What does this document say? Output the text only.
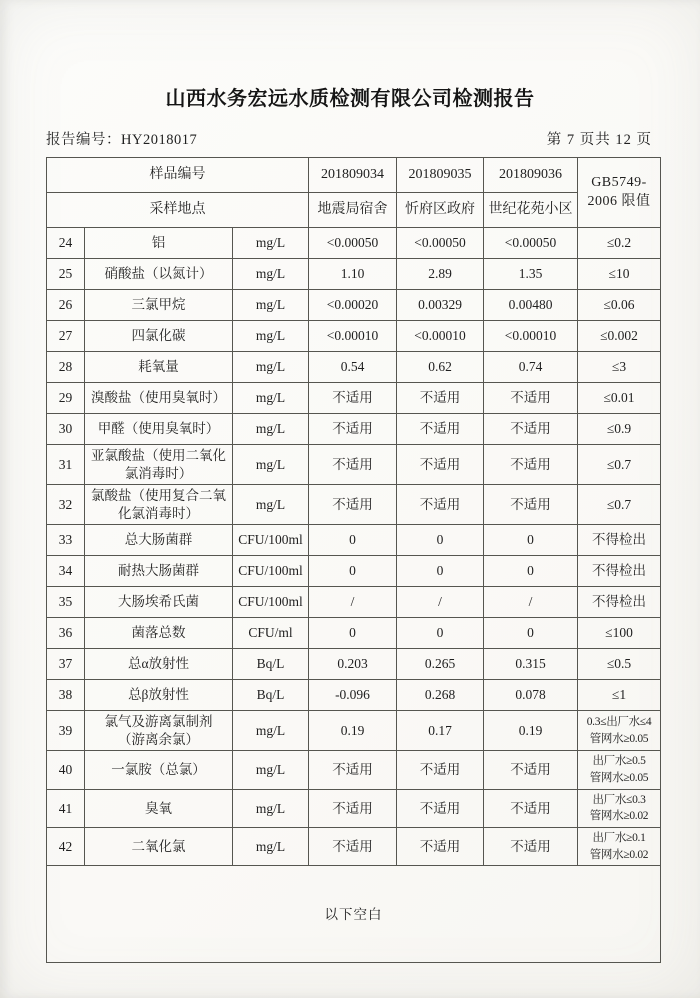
山西水务宏远水质检测有限公司检测报告
报告编号：HY2018017	第 7 页共 12 页
样品编号			201809034	201809035	201809036	GB5749-
2006 限值
采样地点			地震局宿舍	忻府区政府	世纪花苑小区	
24	铝	mg/L	<0.00050	<0.00050	<0.00050	≤0.2
25	硝酸盐（以氮计）	mg/L	1.10	2.89	1.35	≤10
26	三氯甲烷	mg/L	<0.00020	0.00329	0.00480	≤0.06
27	四氯化碳	mg/L	<0.00010	<0.00010	<0.00010	≤0.002
28	耗氧量	mg/L	0.54	0.62	0.74	≤3
29	溴酸盐（使用臭氧时）	mg/L	不适用	不适用	不适用	≤0.01
30	甲醛（使用臭氧时）	mg/L	不适用	不适用	不适用	≤0.9
31	亚氯酸盐（使用二氧化氯消毒时）	mg/L	不适用	不适用	不适用	≤0.7
32	氯酸盐（使用复合二氧化氯消毒时）	mg/L	不适用	不适用	不适用	≤0.7
33	总大肠菌群	CFU/100ml	0	0	0	不得检出
34	耐热大肠菌群	CFU/100ml	0	0	0	不得检出
35	大肠埃希氏菌	CFU/100ml	/	/	/	不得检出
36	菌落总数	CFU/ml	0	0	0	≤100
37	总α放射性	Bq/L	0.203	0.265	0.315	≤0.5
38	总β放射性	Bq/L	-0.096	0.268	0.078	≤1
39	氯气及游离氯制剂
（游离余氯）	mg/L	0.19	0.17	0.19	0.3≤出厂水≤4
管网水≥0.05
40	一氯胺（总氯）	mg/L	不适用	不适用	不适用	出厂水≥0.5
管网水≥0.05
41	臭氧	mg/L	不适用	不适用	不适用	出厂水≤0.3
管网水≥0.02
42	二氧化氯	mg/L	不适用	不适用	不适用	出厂水≥0.1
管网水≥0.02
以下空白						
